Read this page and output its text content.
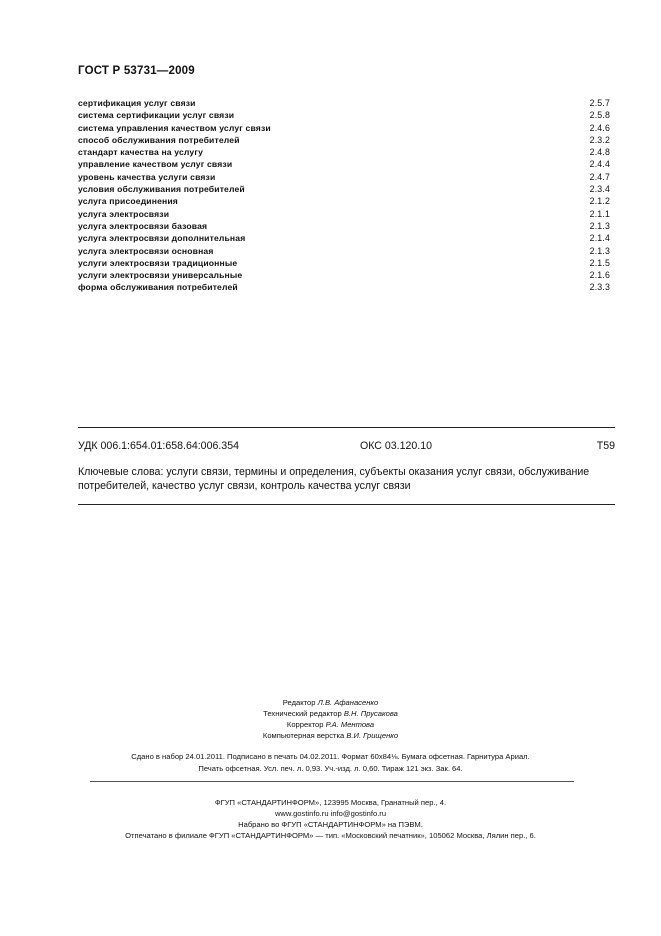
ГОСТ Р 53731—2009
сертификация услуг связи	2.5.7
система сертификации услуг связи	2.5.8
система управления качеством услуг связи	2.4.6
способ обслуживания потребителей	2.3.2
стандарт качества на услугу	2.4.8
управление качеством услуг связи	2.4.4
уровень качества услуги связи	2.4.7
условия обслуживания потребителей	2.3.4
услуга присоединения	2.1.2
услуга электросвязи	2.1.1
услуга электросвязи базовая	2.1.3
услуга электросвязи дополнительная	2.1.4
услуга электросвязи основная	2.1.3
услуги электросвязи традиционные	2.1.5
услуги электросвязи универсальные	2.1.6
форма обслуживания потребителей	2.3.3
УДК 006.1:654.01:658.64:006.354	ОКС 03.120.10	Т59
Ключевые слова: услуги связи, термины и определения, субъекты оказания услуг связи, обслуживание потребителей, качество услуг связи, контроль качества услуг связи
Редактор Л.В. Афанасенко
Технический редактор В.Н. Прусакова
Корректор Р.А. Ментова
Компьютерная верстка В.И. Грищенко
Сдано в набор 24.01.2011. Подписано в печать 04.02.2011. Формат 60x84⅛. Бумага офсетная. Гарнитура Ариал.
Печать офсетная. Усл. печ. л. 0,93. Уч.-изд. л. 0,60. Тираж 121 экз. Зак. 64.
ФГУП «СТАНДАРТИНФОРМ», 123995 Москва, Гранатный пер., 4.
www.gostinfo.ru info@gostinfo.ru
Набрано во ФГУП «СТАНДАРТИНФОРМ» на ПЭВМ.
Отпечатано в филиале ФГУП «СТАНДАРТИНФОРМ» — тип. «Московский печатник», 105062 Москва, Лялин пер., 6.
